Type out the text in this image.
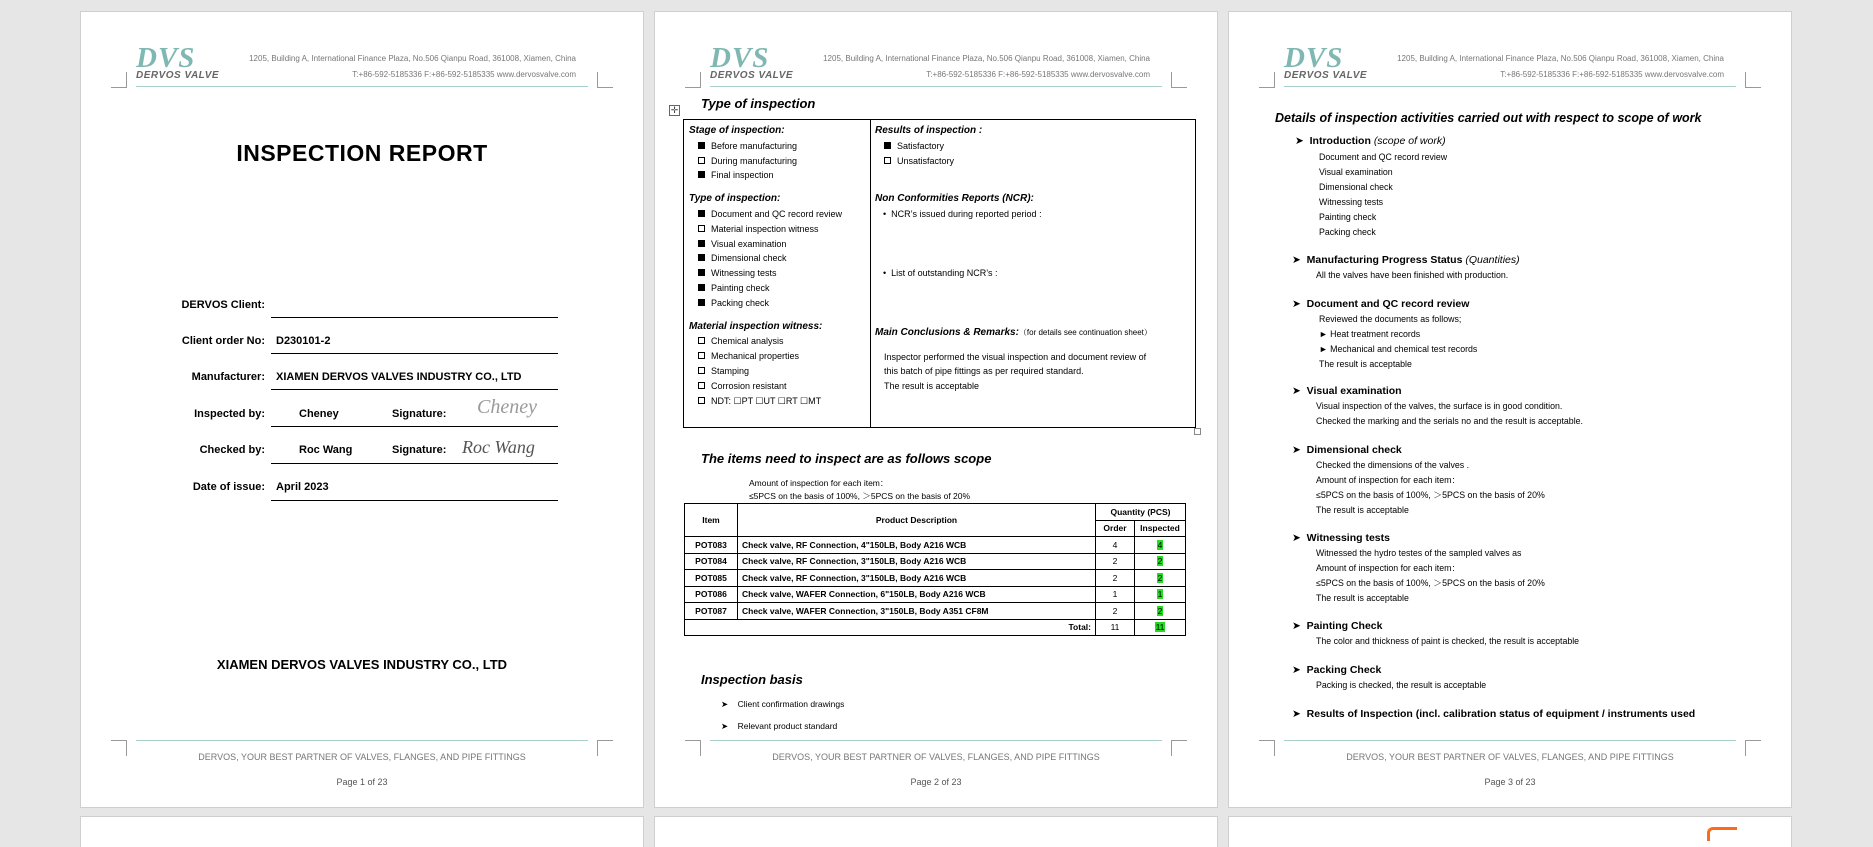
DVS
DERVOS VALVE
1205, Building A, International Finance Plaza, No.506 Qianpu Road, 361008, Xiamen, China
T:+86-592-5185336 F:+86-592-5185335 www.dervosvalve.com
INSPECTION REPORT
DERVOS Client:
Client order No: D230101-2
Manufacturer: XIAMEN DERVOS VALVES INDUSTRY CO., LTD
Inspected by:	Cheney	Signature: Cheney
Checked by:	Roc Wang	Signature: Roc Wang
Date of issue: April 2023
XIAMEN DERVOS VALVES INDUSTRY CO., LTD
DERVOS, YOUR BEST PARTNER OF VALVES, FLANGES, AND PIPE FITTINGS
Page 1 of 23
DVS
DERVOS VALVE
1205, Building A, International Finance Plaza, No.506 Qianpu Road, 361008, Xiamen, China
T:+86-592-5185336 F:+86-592-5185335 www.dervosvalve.com
Type of inspection
✛
Stage of inspection:
Before manufacturing
During manufacturing
Final inspection
Type of inspection:
Document and QC record review
Material inspection witness
Visual examination
Dimensional check
Witnessing tests
Painting check
Packing check
Material inspection witness:
Chemical analysis
Mechanical properties
Stamping
Corrosion resistant
NDT: ☐PT ☐UT ☐RT ☐MT
Results of inspection :
Satisfactory
Unsatisfactory
Non Conformities Reports (NCR):
•  NCR’s issued during reported period :
•  List of outstanding NCR’s :
Main Conclusions & Remarks:（for details see continuation sheet）
Inspector performed the visual inspection and document review of
this batch of pipe fittings as per required standard.
The result is acceptable
The items need to inspect are as follows scope
Amount of inspection for each item：
≤5PCS on the basis of 100%, ＞5PCS on the basis of 20%
Item	Product Description	Quantity (PCS)	
		Order	Inspected
POT083	Check valve, RF Connection, 4"150LB, Body A216 WCB	4	4
POT084	Check valve, RF Connection, 3"150LB, Body A216 WCB	2	2
POT085	Check valve, RF Connection, 3"150LB, Body A216 WCB	2	2
POT086	Check valve, WAFER Connection, 6"150LB, Body A216 WCB	1	1
POT087	Check valve, WAFER Connection, 3"150LB, Body A351 CF8M	2	2
Total:		11	11
Inspection basis
➤    Client confirmation drawings
➤    Relevant product standard
DERVOS, YOUR BEST PARTNER OF VALVES, FLANGES, AND PIPE FITTINGS
Page 2 of 23
DVS
DERVOS VALVE
1205, Building A, International Finance Plaza, No.506 Qianpu Road, 361008, Xiamen, China
T:+86-592-5185336 F:+86-592-5185335 www.dervosvalve.com
Details of inspection activities carried out with respect to scope of work
➤  Introduction (scope of work)
Document and QC record review
Visual examination
Dimensional check
Witnessing tests
Painting check
Packing check
➤  Manufacturing Progress Status (Quantities)
All the valves have been finished with production.
➤  Document and QC record review
Reviewed the documents as follows;
► Heat treatment records
► Mechanical and chemical test records
The result is acceptable
➤  Visual examination
Visual inspection of the valves, the surface is in good condition.
Checked the marking and the serials no and the result is acceptable.
➤  Dimensional check
Checked the dimensions of the valves .
Amount of inspection for each item：
≤5PCS on the basis of 100%, ＞5PCS on the basis of 20%
The result is acceptable
➤  Witnessing tests
Witnessed the hydro testes of the sampled valves as
Amount of inspection for each item：
≤5PCS on the basis of 100%, ＞5PCS on the basis of 20%
The result is acceptable
➤  Painting Check
The color and thickness of paint is checked, the result is acceptable
➤  Packing Check
Packing is checked, the result is acceptable
➤  Results of Inspection (incl. calibration status of equipment / instruments used
DERVOS, YOUR BEST PARTNER OF VALVES, FLANGES, AND PIPE FITTINGS
Page 3 of 23
